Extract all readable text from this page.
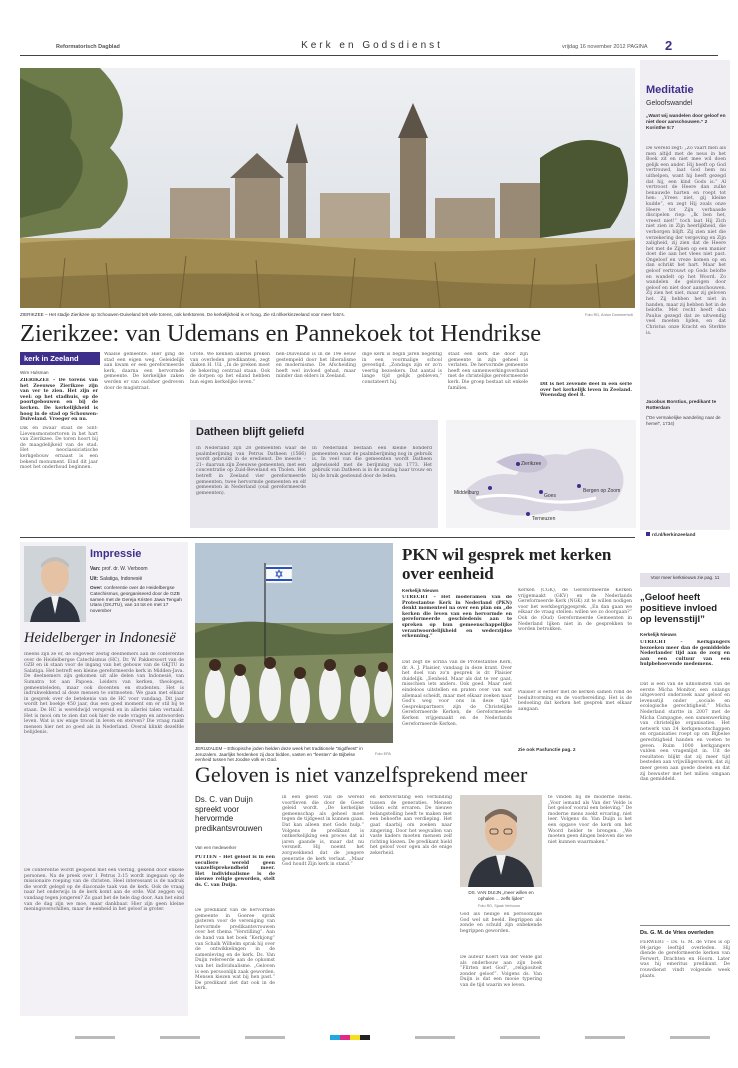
Reformatorisch Dagblad	Kerk en Godsdienst	vrijdag 16 november 2012 PAGINA 2
ZIERIKZEE – Het stadje Zierikzee op Schouwen-Duiveland telt vele torens, ook kerktorens. De kerkelijkheid is er hoog. Zie rd.nl/kerkinzeeland voor meer foto's.	Foto RD, Anton Dommerholt
Meditatie
Geloofswandel
„Want wij wandelen door geloof en niet door aanschouwen.” 2 Korinthe 5:7
De wereld zegt: „Zo vaart men als men altijd met de neus in het Boek zit en niet mee wil doen gelijk een ander. Hij heeft op God vertrouwd, laat God hem nu uithelpen, want hij heeft gezegd dat hij, een kind Gods is.” Al vertroost de Heere dan zulke benauwde harten en roept tot hen: „Vrees niet, gij kleine kudde”, en zegt Hij zoals onze Heere tot Zijn verbaasde discipelen riep: „Ik ben het, vreest niet!” toch laat Hij Zich niet zien in Zijn heerlijkheid, die verborgen blijft. Zij zien niet die verzekering der vergeving en Zijn zaligheid, zij zien dat de Heere het met de Zijnen op een manier doet die aan het vlees niet past. Ongeloof en vreze komen op en dan schrikt het hart. Maar het geloof vertrouwt op Gods belofte en wandelt op het Woord. Zo wandelen de gelovigen door geloof en niet door aanschouwen. Zij zien het niet, maar zij geloven het. Zij hebben het niet in handen, maar zij hebben het in de belofte. Met recht heeft dan Paulus gezegd dat ze uitwendig veel moeten lijden, en dat Christus onze Kracht en Sterkte is.
Jacobus Borstius, predikant te Rotterdam
(”De vermakelijke wandeling naar de hemel”, 1734)
rd.nl/kerkinzeeland
Zierikzee: van Udemans en Pannekoek tot Hendrikse
kerk in Zeeland
Wim Hulsman
ZIERIKZEE – De torens van het Zeeuwse Zierikzee zijn van ver te zien. Het zijn er veel: op het stadhuis, op de poortgebouwen en bij de kerken. De kerkelijkheid is hoog in de stad op Schouwen-Duiveland. Vroeger en nu.
Dik en zwaar staat de Sint-Lievensmonstertoren in het hart van Zierikzee. De toren hoort bij de maagdelijkeid van de stad. Het neoclassicistische kerkgebouw ernaast is een bekend monument. Eind dit jaar moet het onderhoud beginnen.
Waalse gemeente. Hier ging de stad een eigen weg. Geleidelijk aan kwam er een gereformeerde kerk, daarna een hervormde gemeente. De kerkelijke zaken werden er van oudsher gedreven door de magistraat.
Grote. We kennen allerlei preken van overleden predikanten, zegt diaken H. Uil. „In de preken moet de bekering centraal staan. Ook de dorpen op het eiland hebben hun eigen kerkelijke leven.”
nen-Duiveland is in de 19e eeuw gestempeld door het liberalisme en modernisme. De Afscheiding heeft wel invloed gehad, maar minder dan elders in Zeeland.
dige kerk is begin jaren negentig in een voormalige school gevestigd. „Zondags zijn er zo'n veertig bezoekers. Dat aantal is lange tijd gelijk gebleven,” constateert hij.
staat een kerk die door zijn gemeente in zijn geheel is verlaten. De hervormde gemeente heeft een samenwerkingsverband met de christelijke gereformeerde kerk. Die groep bestaat uit enkele families.
Datheen blijft geliefd
In Nederland zijn 28 gemeenten waar de psalmberijming van Petrus Datheen (1566) wordt gebruikt in de eredienst. De meeste –21– daarvan zijn Zeeuwse gemeenten, met een concentratie op Zuid-Beveland en Tholen. Het betreft in Zeeland vier gereformeerde gemeenten, twee hervormde gemeenten en elf gemeenten in Nederland (oud gereformeerde gemeenten).
In Nederland bestaan een kleine honderd gemeenten waar de psalmberijming nog in gebruik is. In veel van die gemeenten wordt Datheen afgewisseld met de berijming van 1773. Het gebruik van Datheen is in de zondag haar trouw en bij de bruik gesteund door de leden.
Zierikzee
Middelburg	Goes
Bergen op Zoom
Terneuzen
Dit is het zevende deel in een serie over het kerkelijk leven in Zeeland. Woensdag deel 8.
Impressie
Van: prof. dr. W. Verboom
Uit: Salatiga, Indonesië
Over: conferentie over de Heidelbergse Catechismus, georganiseerd door de GZB samen met de Gereja Kristen Jawa Tengah Utara (GKJTU), van 14 tot en met 17 november
Heidelberger in Indonesië
Ineens zijn ze er, de ongeveer zestig deelnemers aan de conferentie over de Heidelbergse Catechismus (HC). Dr. W. Pakkersoort van de GZB en ik staan voor de ingang van het gebouw van de GKJTU in Salatiga. Het betreft een kleine gereformeerde kerk in Midden-Java. De deelnemers zijn gekomen uit alle delen van Indonesië, van Sumatra tot aan Papoea. Leiders van kerken, theologen, gemeenteleden, maar ook docenten en studenten. Het is indrukwekkend al deze mensen te ontmoeten. We gaan met elkaar in gesprek over de betekenis van de HC voor vandaag. Dit jaar wordt het boekje 450 jaar, dus een goed moment om er stil bij te staan. De HC is wereldwijd verspreid en in allerlei talen vertaald. Het is mooi om te zien dat ook hier de oude vragen en antwoorden leven. Wat is uw enige troost in leven en sterven? Die vraag raakt mensen hier net zo goed als in Nederland. Overal klinkt dezelfde belijdenis.
De conferentie wordt geopend met een viering, gekend door enkele personen. Na de preek over 1 Petrus 3:15 wordt ingegaan op de missionaire roeping van de christen. Heel interessant is de nadruk die wordt gelegd op de diaconale taak van de kerk. Ook de vraag naar het onderwijs in de kerk komt aan de orde. Wat zeggen wij vandaag tegen jongeren? Zo gaat het de hele dag door. Aan het eind van de dag zijn we moe, maar dankbaar. Hier zijn geen kleine meningsverschillen, maar de eenheid in het geloof is groter.
JERUZALEM – Ethiopische joden hielden deze week het traditionele ”Sigdfeest” in Jeruzalem. Jaarlijks herdenken zij door bidden, vasten en ”feesten” de Bijbelse eenheid tussen het Joodse volk en God.
Foto EPA
PKN wil gesprek met kerken over eenheid
Kerkelijk Nieuws
UTRECHT – Het moderamen van de Protestantse Kerk in Nederland (PKN) denkt momenteel na over een plan om „de kerken die leven van een hervormde en gereformeerde geschiedenis aan te spreken op hun gemeenschappelijke verantwoordelijkheid en wederzijdse erkenning.”
Dat zegt de scriba van de Protestantse Kerk, dr. A. J. Plaisier, vandaag in deze krant. Over het doel van zo'n gesprek is dr. Plaisier duidelijk. „Eenheid. Maar als dat te ver gaat, misschien iets anders. Ook goed. Maar niet eindeloos uitstellen en praten over van wat allemaal scheidt, maar met elkaar zoeken naar God's weg voor ons in deze tijd.” Gesprekspartners zijn de Christelijke Gereformeerde Kerken, de Gereformeerde Kerken vrijgemaakt en de Nederlands Gereformeerde Kerken.
Kerken (CGK), de Gereformeerde Kerken vrijgemaakt (GKV) en de Nederlands Gereformeerde Kerk (NGK) zit te willen nodigen voor het werkbegripgesprek. „En dan gaan we elkaar de vraag stellen: willen we zo doorgaan?” Ook de (Oud) Gereformeerde Gemeenten in Nederland lijken niet in de gesprekken te worden betrokken.
Plaisier is eerder met de kerken samen rond de besluitvorming en de voorbereiding. Het is de bedoeling dat kerken het gesprek met elkaar aangaan.
Zie ook Pasfunctie pag. 2
Voor meer kerknieuws zie pag. 11
„Geloof heeft positieve invloed op levensstijl”
Kerkelijk Nieuws
UTRECHT – Kerkgangers bezoeken meer dan de gemiddelde Nederlander tijd aan de zorg en aan een cultuur van een hulpbehoevende medemens.
Dat is een van de uitkomsten van de eerste Micha Monitor, een onlangs uitgevoerd onderzoek naar geloof en levensstijl onder „sociale en ecologische gerechtigheid.” Micha Nederland startte in 2007 met de Micha Campagne, een samenwerking van christelijke organisaties. Het netwerk van 24 kerkgenootschappen en organisaties roept op om Bijbelse gerechtigheid handen en voeten te geven. Ruim 1000 kerkgangers vulden een vragenlijst in. Uit de resultaten blijkt dat zij meer tijd besteden aan vrijwilligerswerk, dat zij meer geven aan goede doelen en dat zij bewuster met het milieu omgaan dan gemiddeld.
Ds. G. M. de Vries overleden
FERWERT – Ds. G. M. de Vries is op 84-jarige leeftijd overleden. Hij diende de gereformeerde kerken van Ferwert, Drachten en Hoorn. Later was hij emeritus predikant. De rouwdienst vindt volgende week plaats.
Geloven is niet vanzelfsprekend meer
Ds. C. van Duijn spreekt voor hervormde predikantsvrouwen
Van een medewerker
PUTTEN – Het geloof is in een seculiere wereld geen vanzelfsprekendheid meer. Het individualisme is de nieuwe religie geworden, stelt ds. C. van Duijn.
De predikant van de hervormde gemeente in Goeree sprak gisteren voor de vereniging van hervormde predikantsvrouwen over het thema ”Verstilling”. Aan de hand van het boek ”Kerkjong” van Schalk Wilhelm sprak hij over de ontwikkelingen in de samenleving en de kerk. Ds. Van Duijn refereerde aan de opkomst van het individualisme. „Geloven is een persoonlijk zaak geworden. Mensen kiezen wat bij hen past.” De predikant ziet dat ook in de kerk.
in een geest van de wereld voortleven die door de Geest geleid wordt. „De kerkelijke gemeenschap als geheel moet tegen de tijdgeest in kunnen gaan. Dat kan alleen met Gods hulp.” Volgens de predikant is ontkerkelijking een proces dat al jaren gaande is, maar dat nu versnelt. Hij noemt het zorgwekkend dat de jongere generatie de kerk verlaat. „Maar God houdt Zijn kerk in stand.”
en kerkverlating een verbinding tussen de generaties. Mensen willen echt ervaren. De nieuwe belangstelling heeft te maken met een behoefte aan verdieping. Het gaat daarbij om zoeken naar zingeving. Door het wegvallen van vaste kaders moeten mensen zelf richting kiezen. De predikant hield het geloof voor ogen als de enige zekerheid.
DS. VAN DUIJN „meer willen en ophalen ... zelfs lijden”
Foto RD, Sjaak Verboom
God als heilige en persoonlijke God wel uit beeld. Begrippen als zonde en schuld zijn onbekende begrippen geworden.
De auteur Koert van der Velde gaf als onderbouw aan zijn boek ”Flirten met God”, „religiositeit zonder geloof”. Volgens ds. Van Duijn is dat een mooie typering van de tijd waarin we leven.
te vinden bij de moderne mens. „Voor iemand als Van der Velde is het geloof vooral een beleving.” De moderne mens zoekt ervaring, niet leer. Volgens ds. Van Duijn is het een opgave voor de kerk om het Woord helder te brengen. „We moeten geen dingen beloven die we niet kunnen waarmaken.”
